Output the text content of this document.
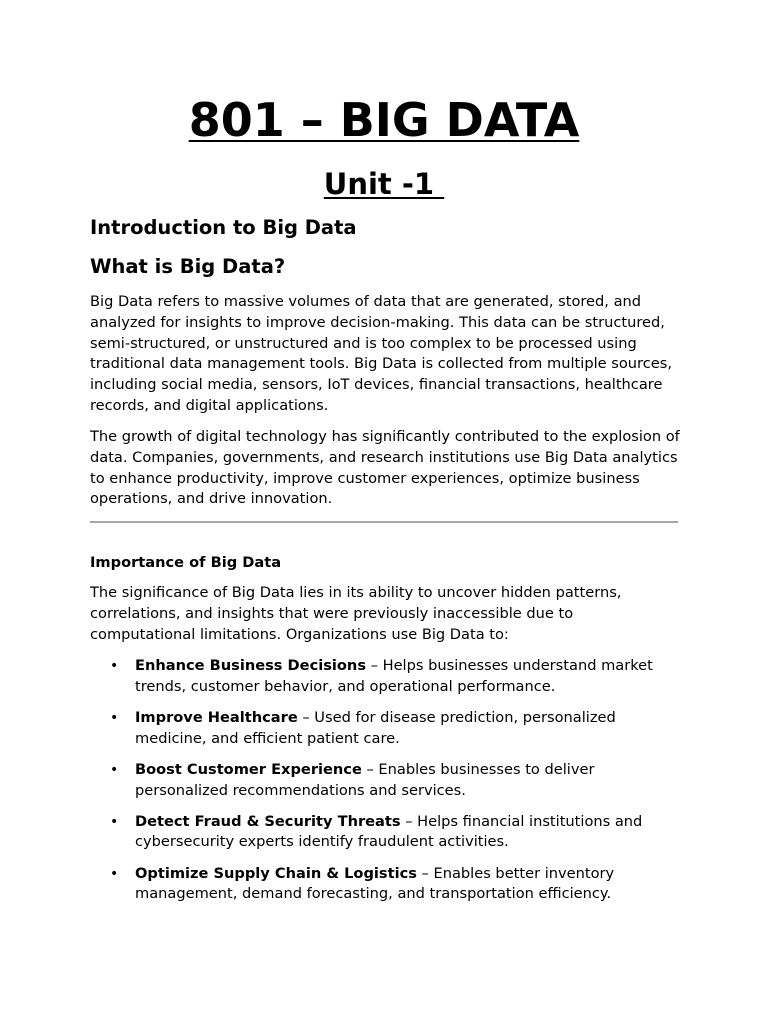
801 – BIG DATA
Unit -1
Introduction to Big Data
What is Big Data?

Big Data refers to massive volumes of data that are generated, stored, and analyzed for insights to improve decision-making. This data can be structured, semi-structured, or unstructured and is too complex to be processed using traditional data management tools. Big Data is collected from multiple sources, including social media, sensors, IoT devices, financial transactions, healthcare records, and digital applications.

The growth of digital technology has significantly contributed to the explosion of data. Companies, governments, and research institutions use Big Data analytics to enhance productivity, improve customer experiences, optimize business operations, and drive innovation.

Importance of Big Data

The significance of Big Data lies in its ability to uncover hidden patterns, correlations, and insights that were previously inaccessible due to computational limitations. Organizations use Big Data to:

• Enhance Business Decisions – Helps businesses understand market trends, customer behavior, and operational performance.
• Improve Healthcare – Used for disease prediction, personalized medicine, and efficient patient care.
• Boost Customer Experience – Enables businesses to deliver personalized recommendations and services.
• Detect Fraud & Security Threats – Helps financial institutions and cybersecurity experts identify fraudulent activities.
• Optimize Supply Chain & Logistics – Enables better inventory management, demand forecasting, and transportation efficiency.
